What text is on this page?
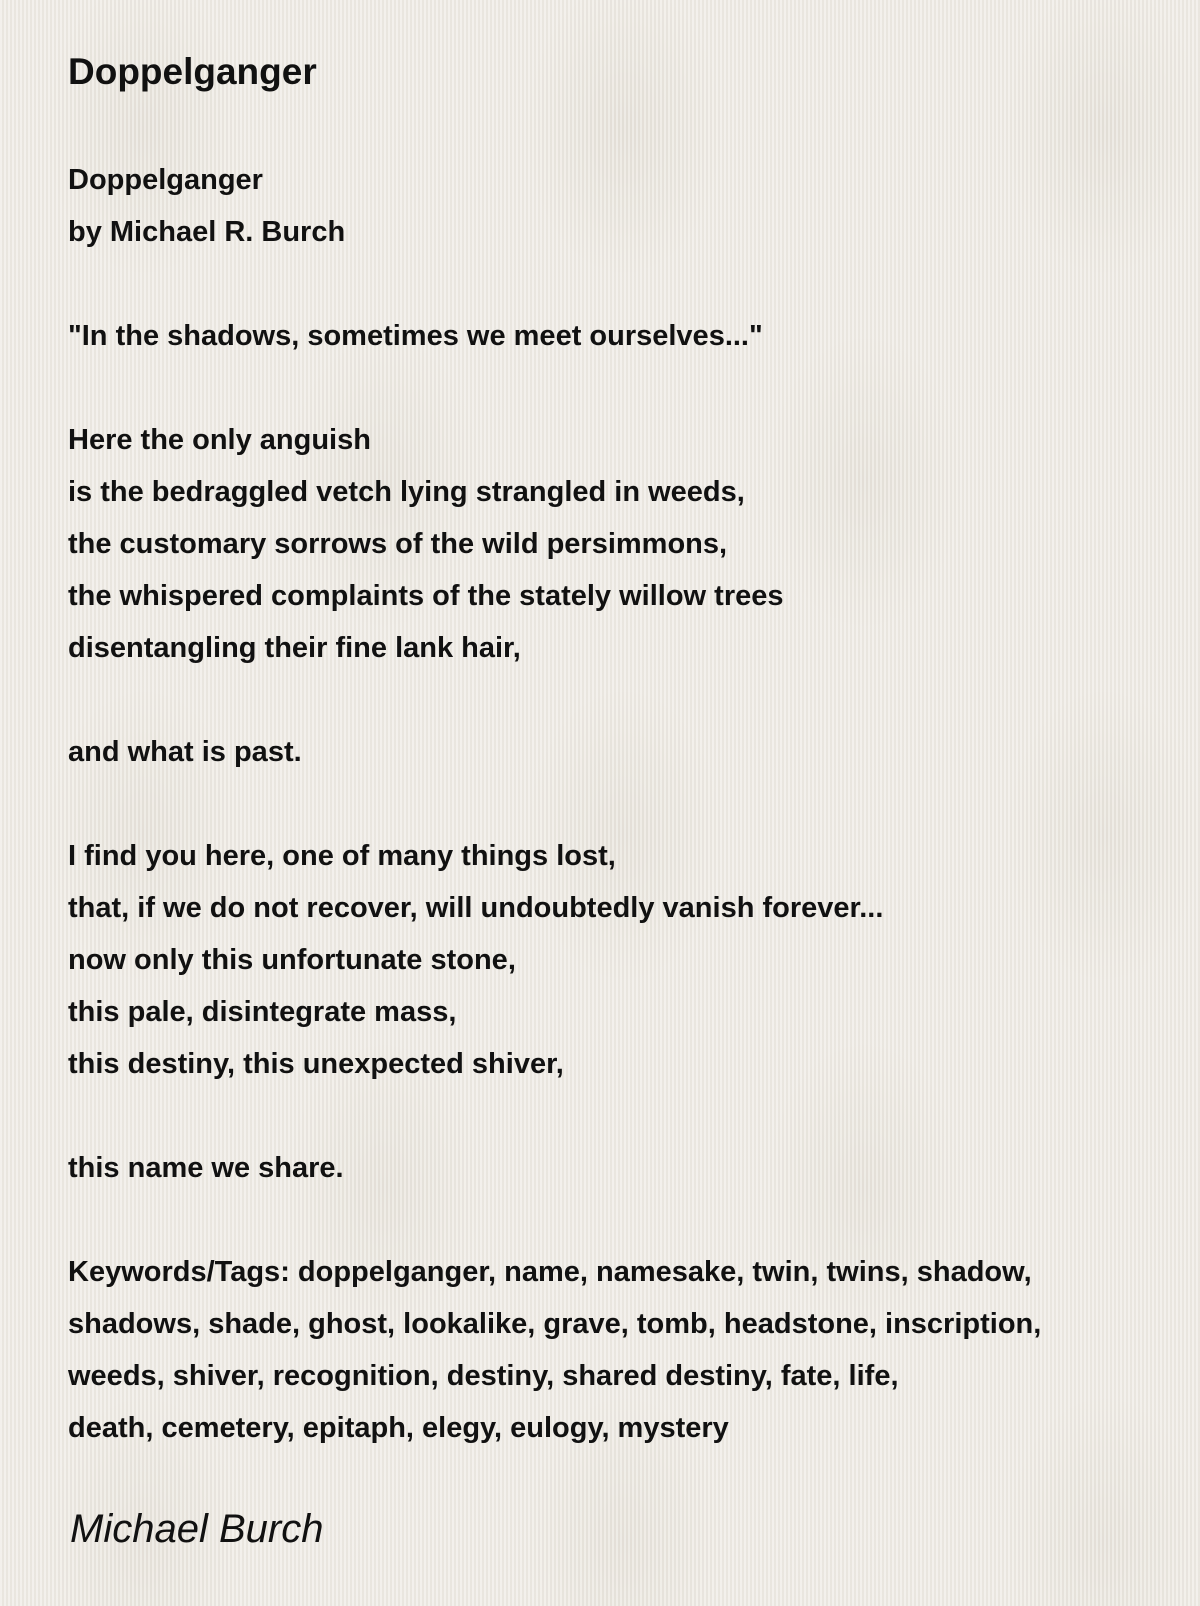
Doppelganger
Doppelganger
by Michael R. Burch
"In the shadows, sometimes we meet ourselves..."
Here the only anguish
is the bedraggled vetch lying strangled in weeds,
the customary sorrows of the wild persimmons,
the whispered complaints of the stately willow trees
disentangling their fine lank hair,
and what is past.
I find you here, one of many things lost,
that, if we do not recover, will undoubtedly vanish forever...
now only this unfortunate stone,
this pale, disintegrate mass,
this destiny, this unexpected shiver,
this name we share.
Keywords/Tags: doppelganger, name, namesake, twin, twins, shadow,
shadows, shade, ghost, lookalike, grave, tomb, headstone, inscription,
weeds, shiver, recognition, destiny, shared destiny, fate, life,
death, cemetery, epitaph, elegy, eulogy, mystery
Michael Burch
